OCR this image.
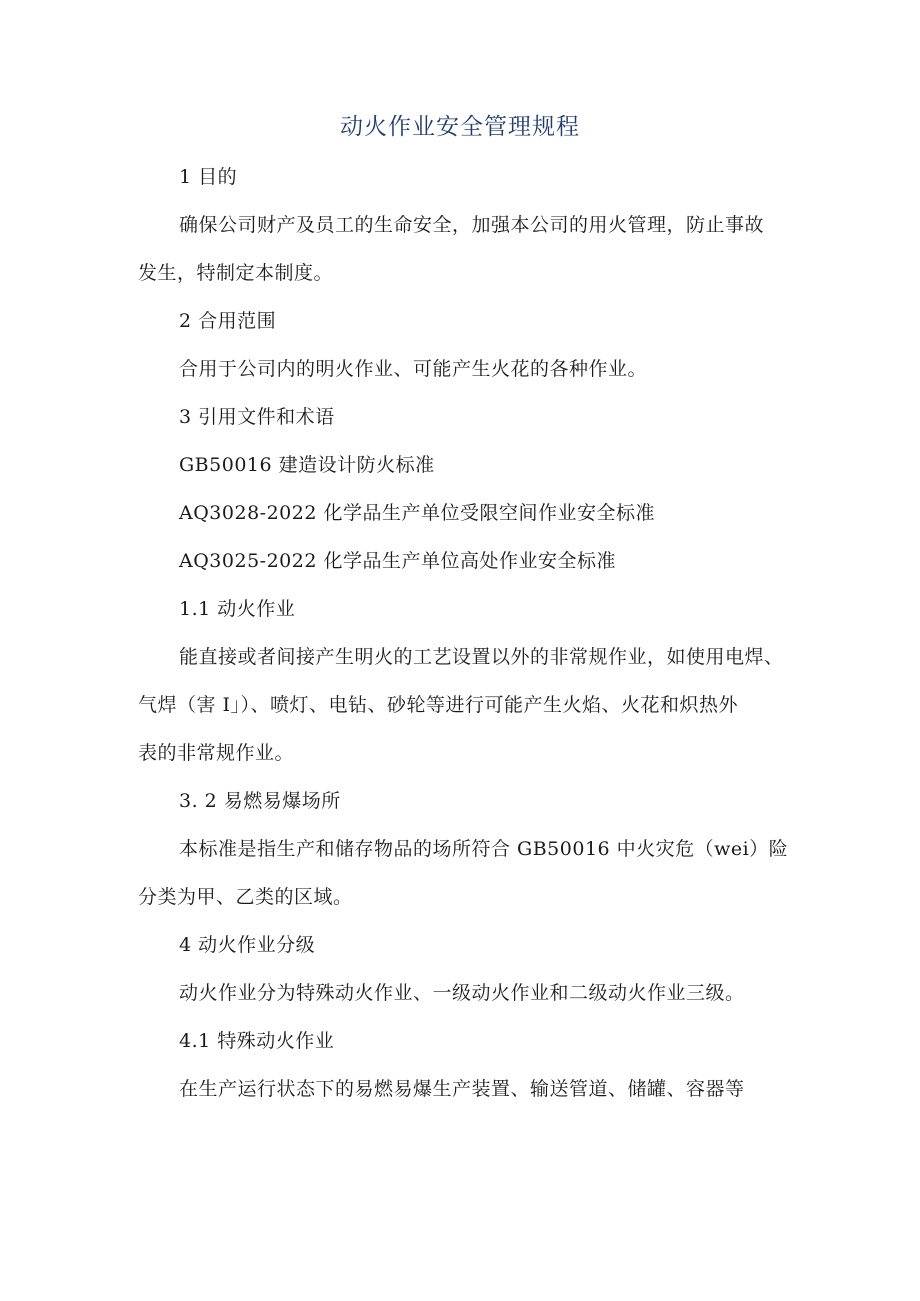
动火作业安全管理规程
1 目的
确保公司财产及员工的生命安全，加强本公司的用火管理，防止事故
发生，特制定本制度。
2 合用范围
合用于公司内的明火作业、可能产生火花的各种作业。
3 引用文件和术语
GB50016 建造设计防火标准
AQ3028-2022 化学品生产单位受限空间作业安全标准
AQ3025-2022 化学品生产单位高处作业安全标准
1.1 动火作业
能直接或者间接产生明火的工艺设置以外的非常规作业，如使用电焊、
气焊（害 I」）、喷灯、电钻、砂轮等进行可能产生火焰、火花和炽热外
表的非常规作业。
3. 2 易燃易爆场所
本标准是指生产和储存物品的场所符合 GB50016 中火灾危（wei）险
分类为甲、乙类的区域。
4 动火作业分级
动火作业分为特殊动火作业、一级动火作业和二级动火作业三级。
4.1 特殊动火作业
在生产运行状态下的易燃易爆生产装置、输送管道、储罐、容器等
